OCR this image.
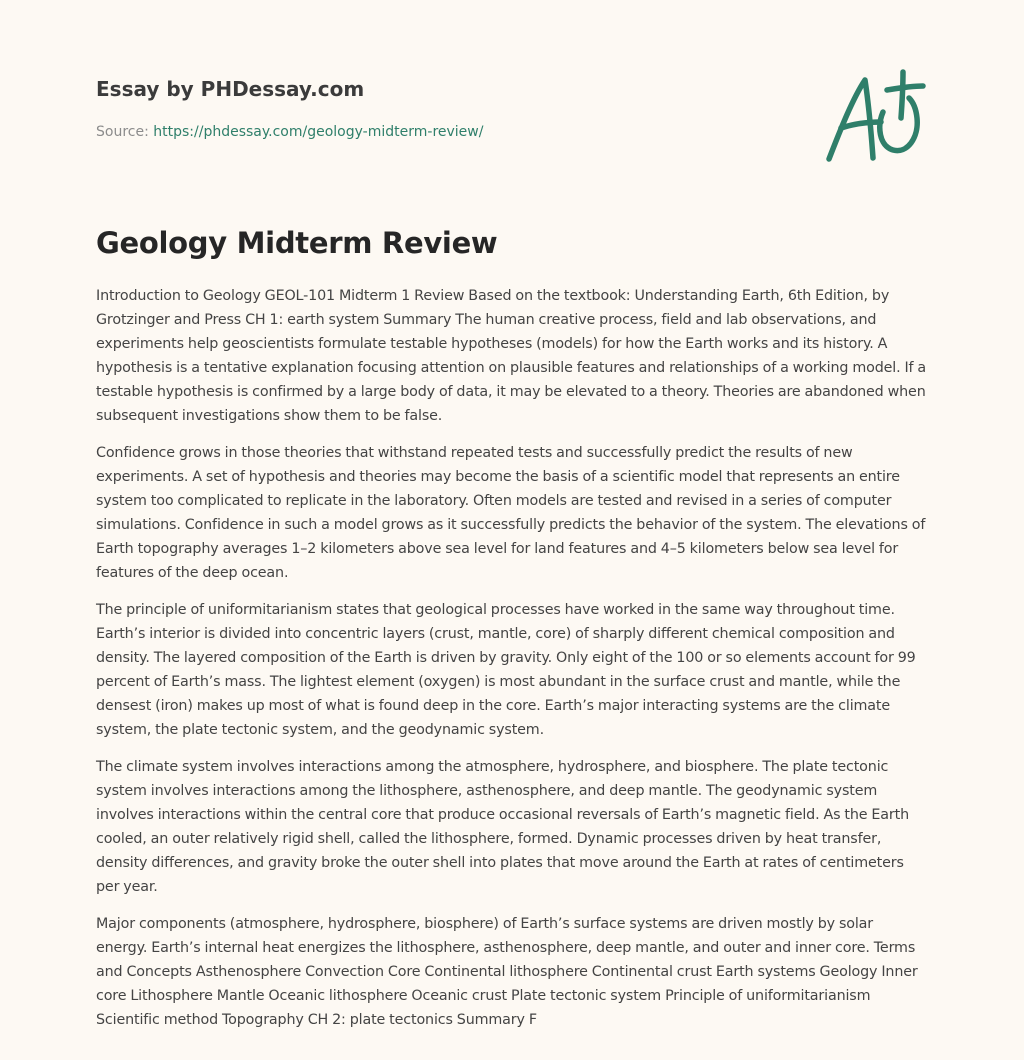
Essay by PHDessay.com
Source: https://phdessay.com/geology-midterm-review/
Geology Midterm Review

Introduction to Geology GEOL-101 Midterm 1 Review Based on the textbook: Understanding Earth, 6th Edition, by Grotzinger and Press CH 1: earth system Summary The human creative process, field and lab observations, and experiments help geoscientists formulate testable hypotheses (models) for how the Earth works and its history. A hypothesis is a tentative explanation focusing attention on plausible features and relationships of a working model. If a testable hypothesis is confirmed by a large body of data, it may be elevated to a theory. Theories are abandoned when subsequent investigations show them to be false.

Confidence grows in those theories that withstand repeated tests and successfully predict the results of new experiments. A set of hypothesis and theories may become the basis of a scientific model that represents an entire system too complicated to replicate in the laboratory. Often models are tested and revised in a series of computer simulations. Confidence in such a model grows as it successfully predicts the behavior of the system. The elevations of Earth topography averages 1–2 kilometers above sea level for land features and 4–5 kilometers below sea level for features of the deep ocean.

The principle of uniformitarianism states that geological processes have worked in the same way throughout time. Earth’s interior is divided into concentric layers (crust, mantle, core) of sharply different chemical composition and density. The layered composition of the Earth is driven by gravity. Only eight of the 100 or so elements account for 99 percent of Earth’s mass. The lightest element (oxygen) is most abundant in the surface crust and mantle, while the densest (iron) makes up most of what is found deep in the core. Earth’s major interacting systems are the climate system, the plate tectonic system, and the geodynamic system.

The climate system involves interactions among the atmosphere, hydrosphere, and biosphere. The plate tectonic system involves interactions among the lithosphere, asthenosphere, and deep mantle. The geodynamic system involves interactions within the central core that produce occasional reversals of Earth’s magnetic field. As the Earth cooled, an outer relatively rigid shell, called the lithosphere, formed. Dynamic processes driven by heat transfer, density differences, and gravity broke the outer shell into plates that move around the Earth at rates of centimeters per year.

Major components (atmosphere, hydrosphere, biosphere) of Earth’s surface systems are driven mostly by solar energy. Earth’s internal heat energizes the lithosphere, asthenosphere, deep mantle, and outer and inner core. Terms and Concepts Asthenosphere Convection Core Continental lithosphere Continental crust Earth systems Geology Inner core Lithosphere Mantle Oceanic lithosphere Oceanic crust Plate tectonic system Principle of uniformitarianism Scientific method Topography CH 2: plate tectonics Summary F
